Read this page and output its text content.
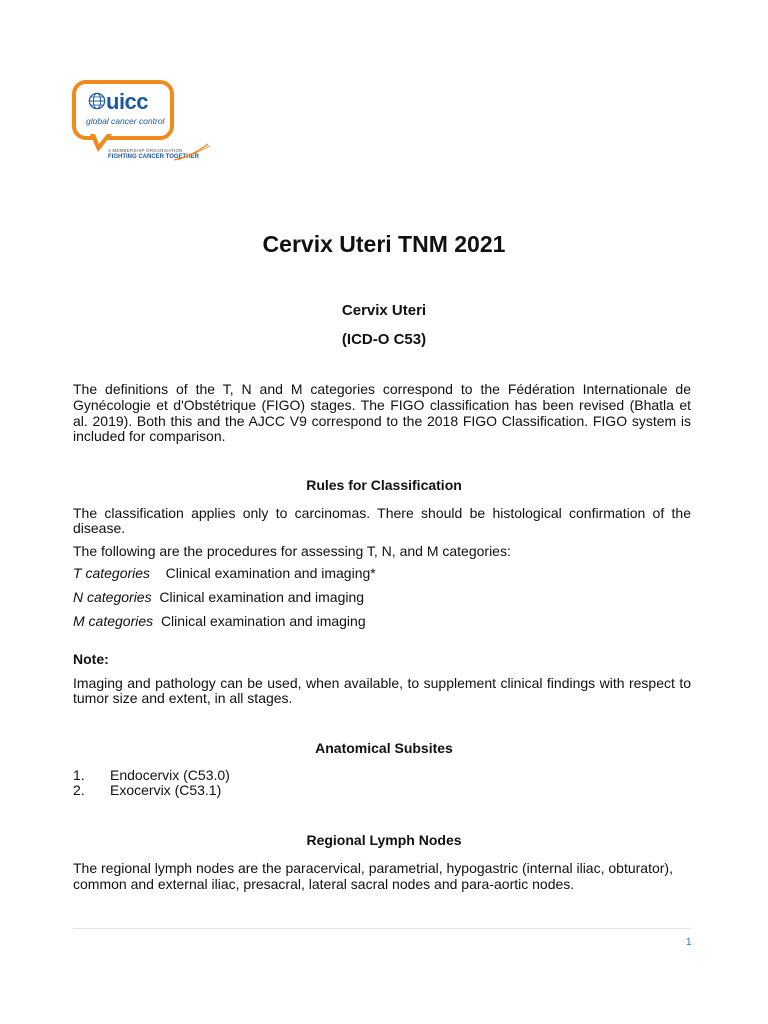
uicc
global cancer control
A MEMBERSHIP ORGANISATION
FIGHTING CANCER TOGETHER
Cervix Uteri TNM 2021
Cervix Uteri
(ICD-O C53)
The definitions of the T, N and M categories correspond to the Fédération Internationale de
Gynécologie et d'Obstétrique (FIGO) stages. The FIGO classification has been revised (Bhatla et
al. 2019). Both this and the AJCC V9 correspond to the 2018 FIGO Classification. FIGO system is
included for comparison.
Rules for Classification
The classification applies only to carcinomas. There should be histological confirmation of the
disease.
The following are the procedures for assessing T, N, and M categories:
T categories Clinical examination and imaging*
N categories Clinical examination and imaging
M categories Clinical examination and imaging
Note:
Imaging and pathology can be used, when available, to supplement clinical findings with respect to
tumor size and extent, in all stages.
Anatomical Subsites
1. Endocervix (C53.0)
2. Exocervix (C53.1)
Regional Lymph Nodes
The regional lymph nodes are the paracervical, parametrial, hypogastric (internal iliac, obturator),
common and external iliac, presacral, lateral sacral nodes and para-aortic nodes.
1
